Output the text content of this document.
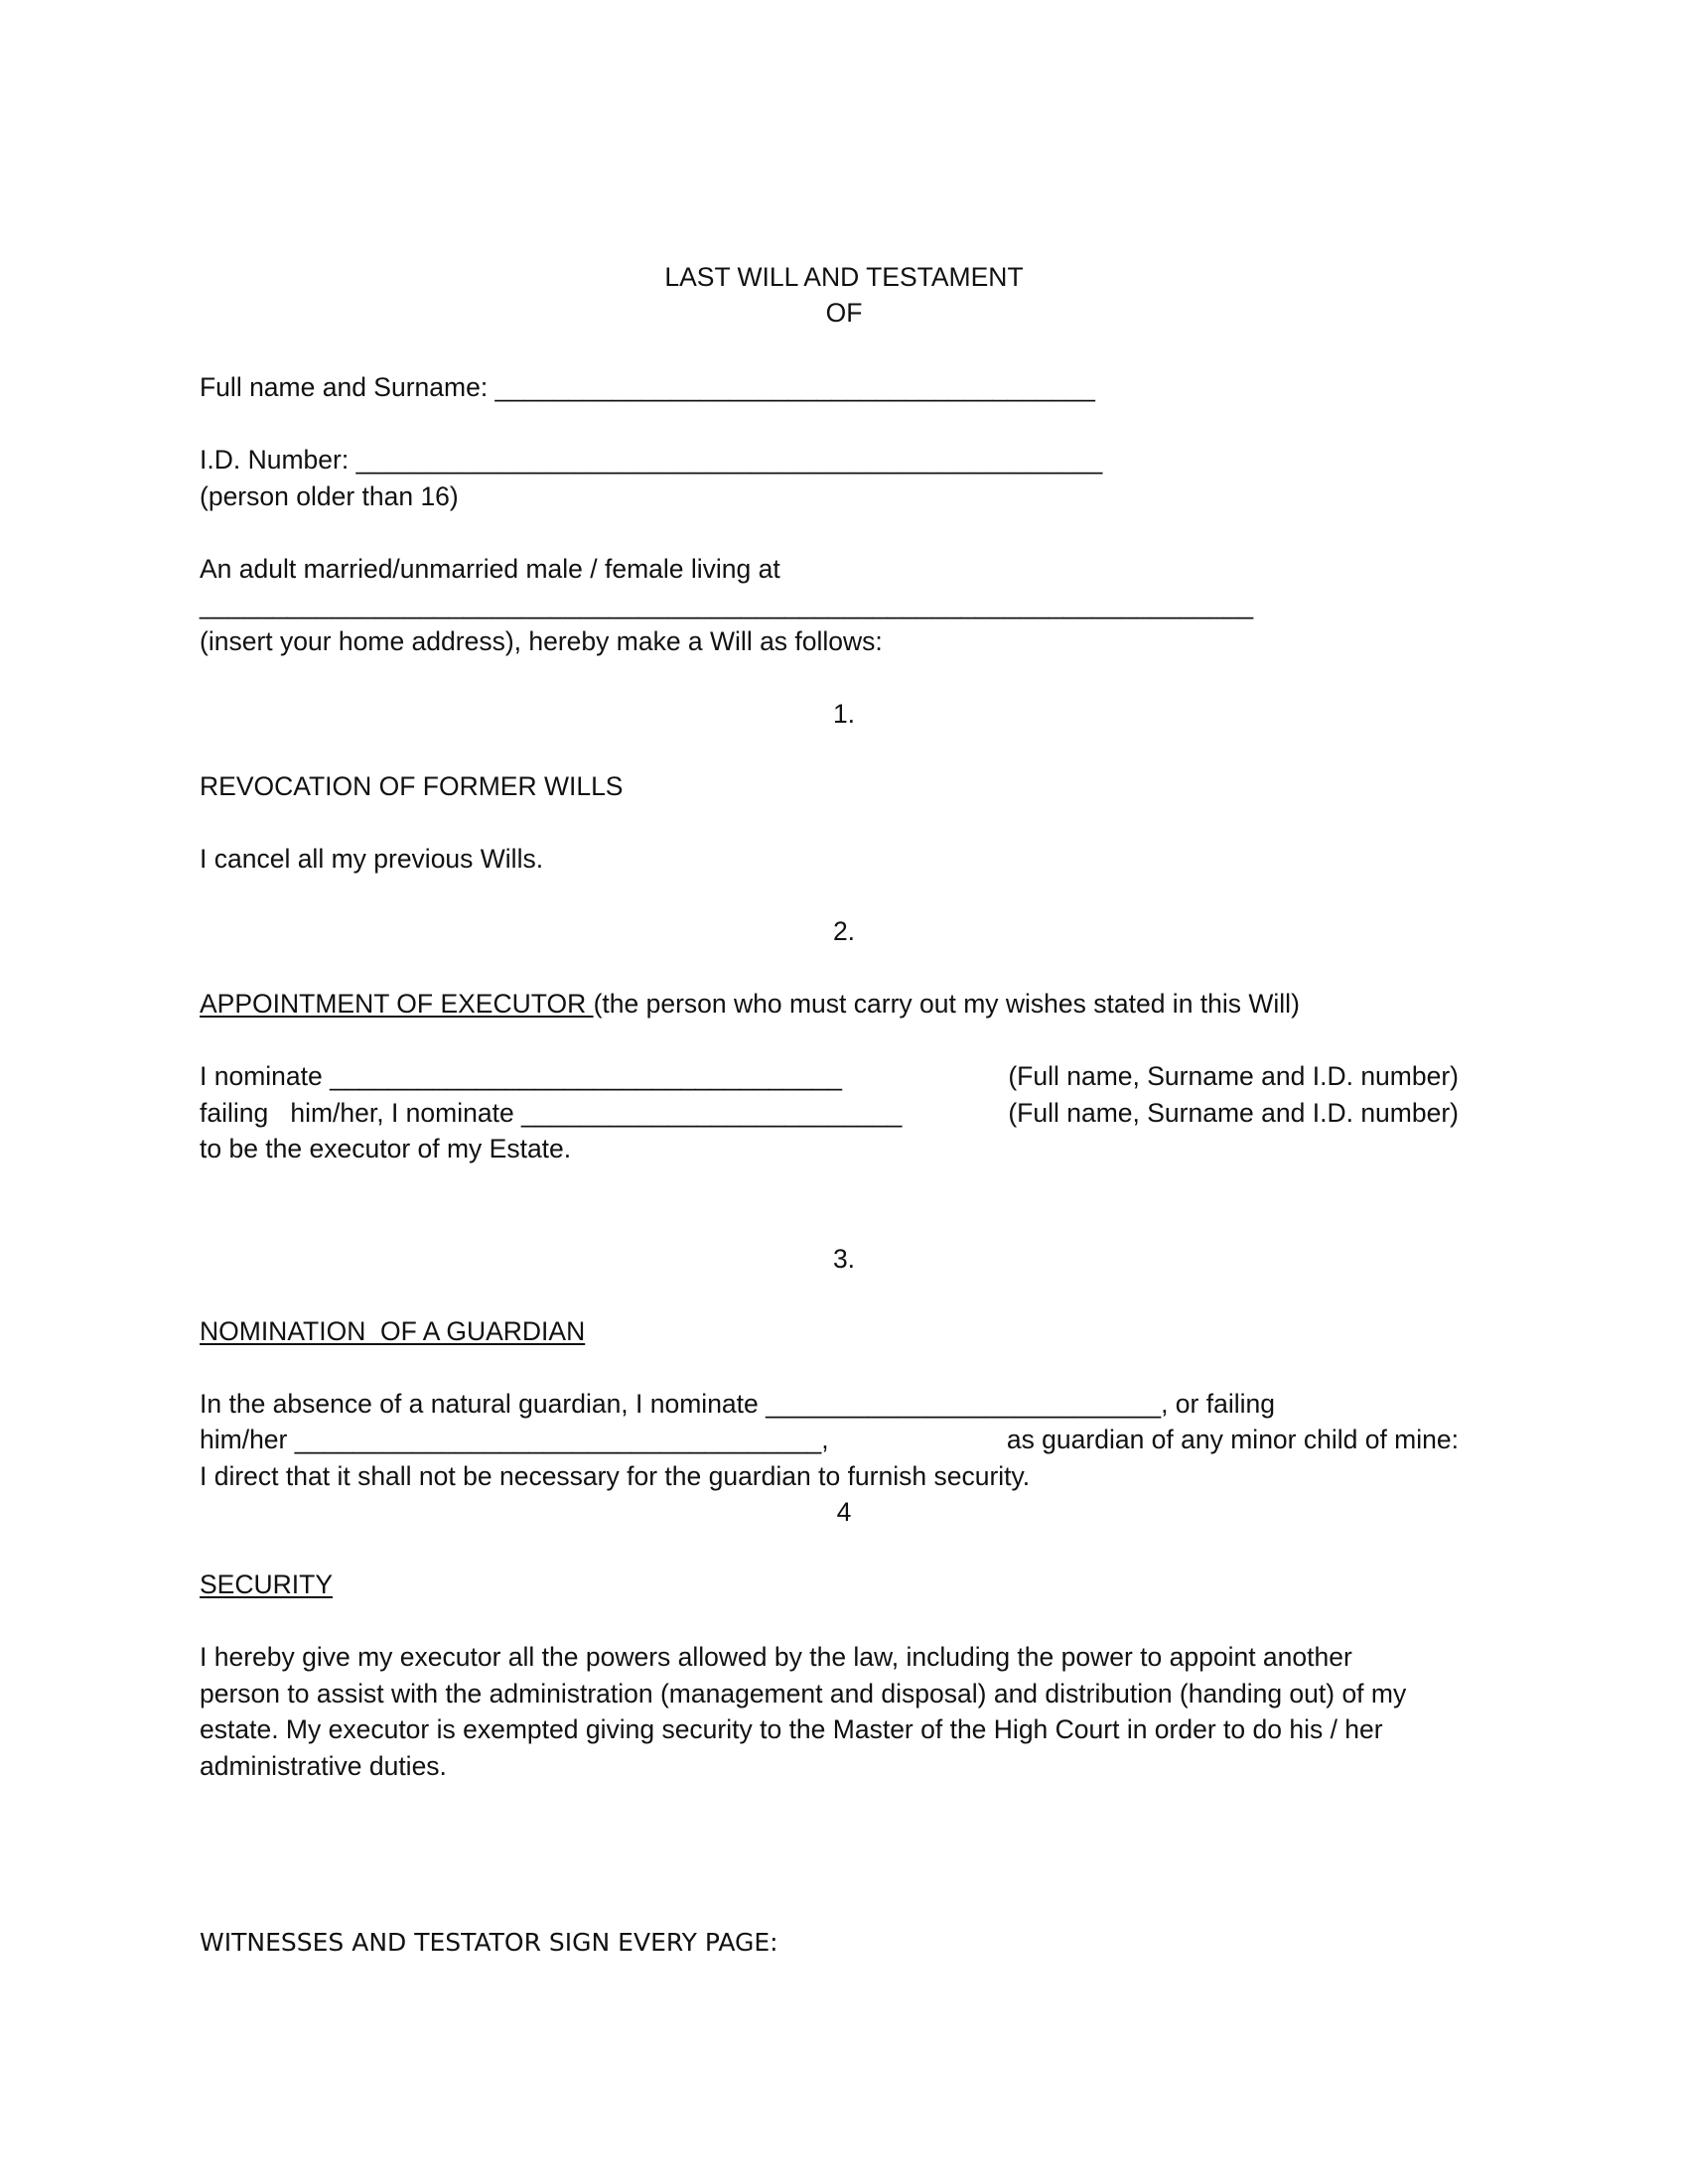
LAST WILL AND TESTAMENT
OF
Full name and Surname: _________________________________________
I.D. Number: ___________________________________________________
(person older than 16)
An adult married/unmarried male / female living at
________________________________________________________________________
(insert your home address), hereby make a Will as follows:
1.
REVOCATION OF FORMER WILLS
I cancel all my previous Wills.
2.
APPOINTMENT OF EXECUTOR (the person who must carry out my wishes stated in this Will)
I nominate ___________________________________	(Full name, Surname and I.D. number)
failing   him/her, I nominate __________________________	(Full name, Surname and I.D. number)
to be the executor of my Estate.
3.
NOMINATION  OF A GUARDIAN
In the absence of a natural guardian, I nominate ___________________________, or failing
him/her ____________________________________,	as guardian of any minor child of mine:
I direct that it shall not be necessary for the guardian to furnish security.
4
SECURITY
I hereby give my executor all the powers allowed by the law, including the power to appoint another
person to assist with the administration (management and disposal) and distribution (handing out) of my
estate. My executor is exempted giving security to the Master of the High Court in order to do his / her
administrative duties.
WITNESSES AND TESTATOR SIGN EVERY PAGE:
